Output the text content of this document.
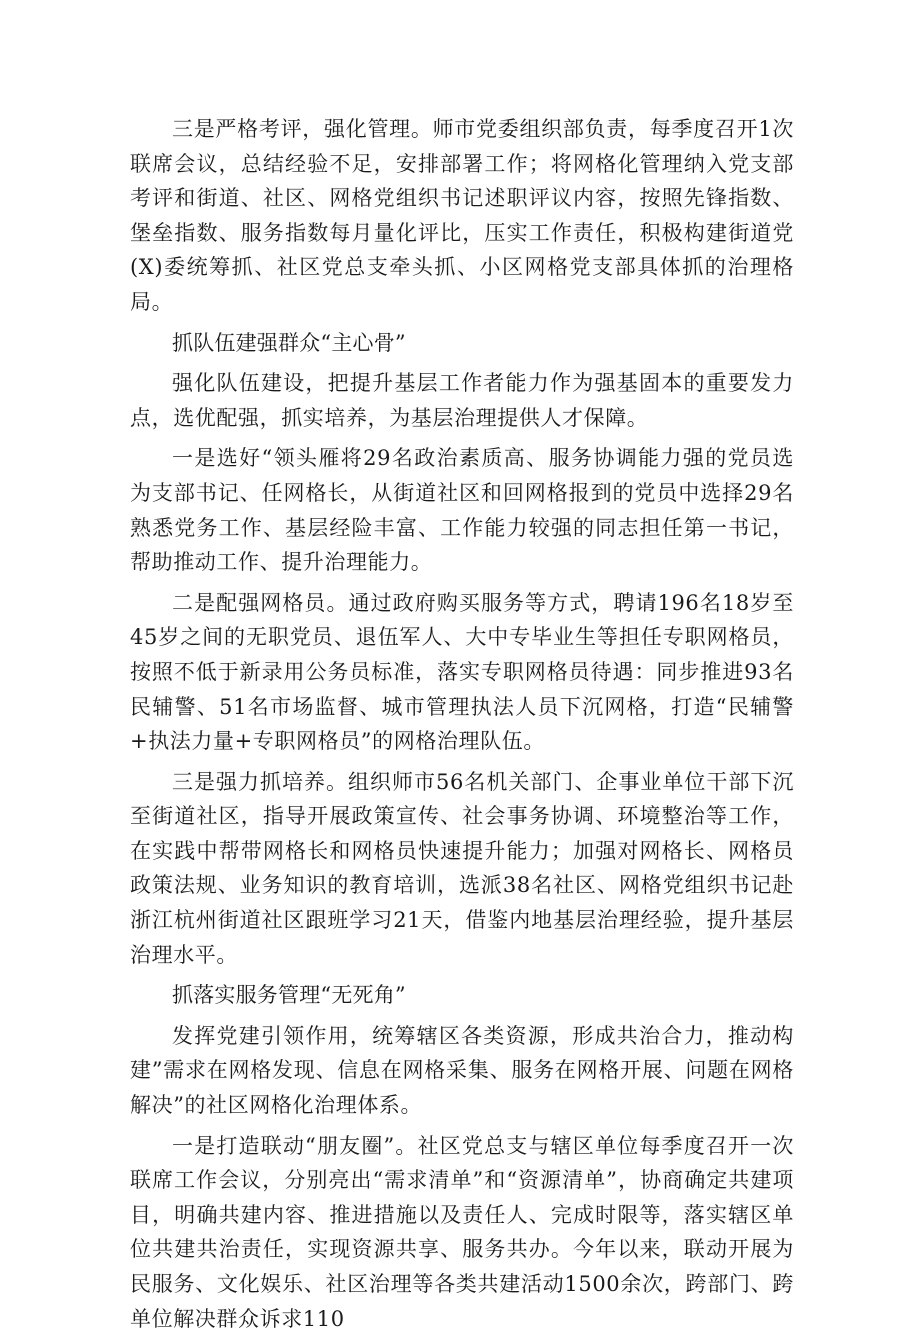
三是严格考评，强化管理。师市党委组织部负责，每季度召开1次联席会议，总结经验不足，安排部署工作；将网格化管理纳入党支部考评和街道、社区、网格党组织书记述职评议内容，按照先锋指数、堡垒指数、服务指数每月量化评比，压实工作责任，积极构建街道党(X)委统筹抓、社区党总支牵头抓、小区网格党支部具体抓的治理格局。

抓队伍建强群众“主心骨”

强化队伍建设，把提升基层工作者能力作为强基固本的重要发力点，选优配强，抓实培养，为基层治理提供人才保障。

一是选好“领头雁将29名政治素质高、服务协调能力强的党员选为支部书记、任网格长，从街道社区和回网格报到的党员中选择29名熟悉党务工作、基层经险丰富、工作能力较强的同志担任第一书记，帮助推动工作、提升治理能力。

二是配强网格员。通过政府购买服务等方式，聘请196名18岁至45岁之间的无职党员、退伍军人、大中专毕业生等担任专职网格员，按照不低于新录用公务员标准，落实专职网格员待遇：同步推进93名民辅警、51名市场监督、城市管理执法人员下沉网格，打造“民辅警+执法力量+专职网格员”的网格治理队伍。

三是强力抓培养。组织师市56名机关部门、企事业单位干部下沉至街道社区，指导开展政策宣传、社会事务协调、环境整治等工作，在实践中帮带网格长和网格员快速提升能力；加强对网格长、网格员政策法规、业务知识的教育培训，选派38名社区、网格党组织书记赴浙江杭州街道社区跟班学习21天，借鉴内地基层治理经验，提升基层治理水平。

抓落实服务管理“无死角”

发挥党建引领作用，统筹辖区各类资源，形成共治合力，推动构建”需求在网格发现、信息在网格采集、服务在网格开展、问题在网格解决”的社区网格化治理体系。

一是打造联动“朋友圈”。社区党总支与辖区单位每季度召开一次联席工作会议，分别亮出“需求清单”和“资源清单”，协商确定共建项目，明确共建内容、推进措施以及责任人、完成时限等，落实辖区单位共建共治责任，实现资源共享、服务共办。今年以来，联动开展为民服务、文化娱乐、社区治理等各类共建活动1500余次，跨部门、跨单位解决群众诉求110
